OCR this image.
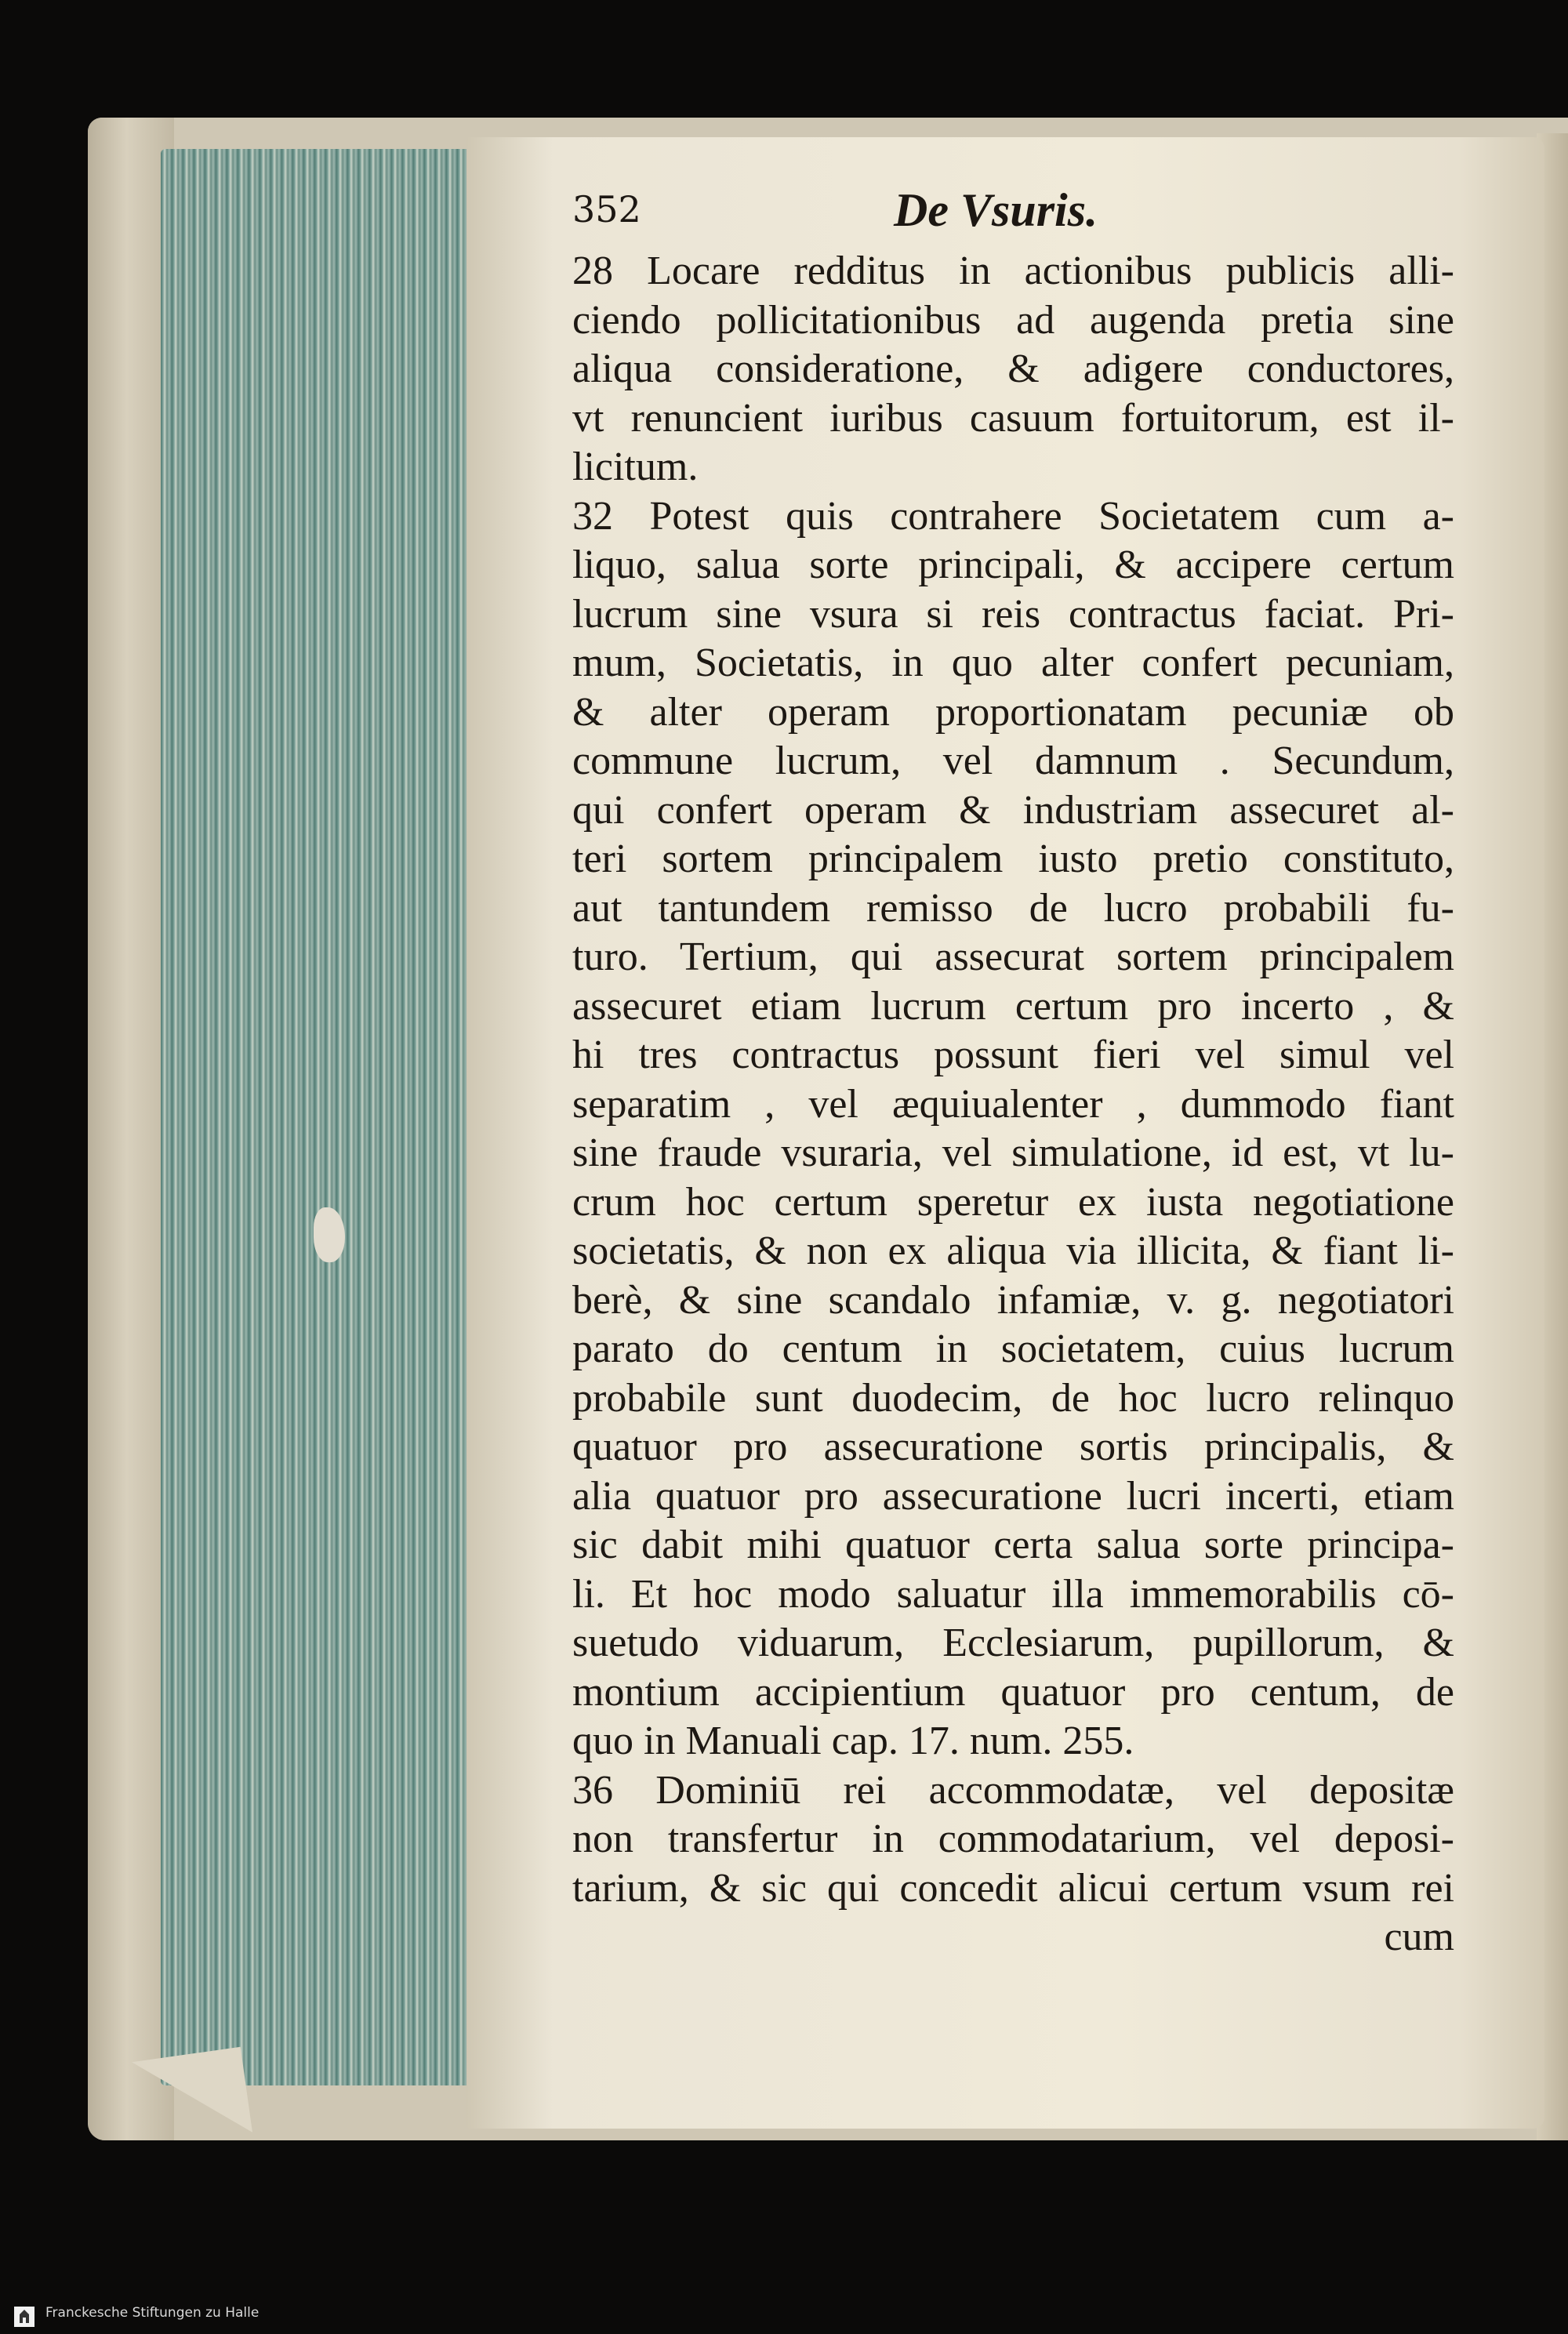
352	De Vsuris.
28 Locare redditus in actionibus publicis alli-
ciendo pollicitationibus ad augenda pretia sine
aliqua consideratione, & adigere conductores,
vt renuncient iuribus casuum fortuitorum, est il-
licitum.
32 Potest quis contrahere Societatem cum a-
liquo, salua sorte principali, & accipere certum
lucrum sine vsura si reis contractus faciat. Pri-
mum, Societatis, in quo alter confert pecuniam,
& alter operam proportionatam pecuniæ ob
commune lucrum, vel damnum . Secundum,
qui confert operam & industriam assecuret al-
teri sortem principalem iusto pretio constituto,
aut tantundem remisso de lucro probabili fu-
turo. Tertium, qui assecurat sortem principalem
assecuret etiam lucrum certum pro incerto , &
hi tres contractus possunt fieri vel simul vel
separatim , vel æquiualenter , dummodo fiant
sine fraude vsuraria, vel simulatione, id est, vt lu-
crum hoc certum speretur ex iusta negotiatione
societatis, & non ex aliqua via illicita, & fiant li-
berè, & sine scandalo infamiæ, v. g. negotiatori
parato do centum in societatem, cuius lucrum
probabile sunt duodecim, de hoc lucro relinquo
quatuor pro assecuratione sortis principalis, &
alia quatuor pro assecuratione lucri incerti, etiam
sic dabit mihi quatuor certa salua sorte principa-
li. Et hoc modo saluatur illa immemorabilis cō-
suetudo viduarum, Ecclesiarum, pupillorum, &
montium accipientium quatuor pro centum, de
quo in Manuali cap. 17. num. 255.
36 Dominiū rei accommodatæ, vel depositæ
non transfertur in commodatarium, vel deposi-
tarium, & sic qui concedit alicui certum vsum rei
cum
Franckesche Stiftungen zu Halle
